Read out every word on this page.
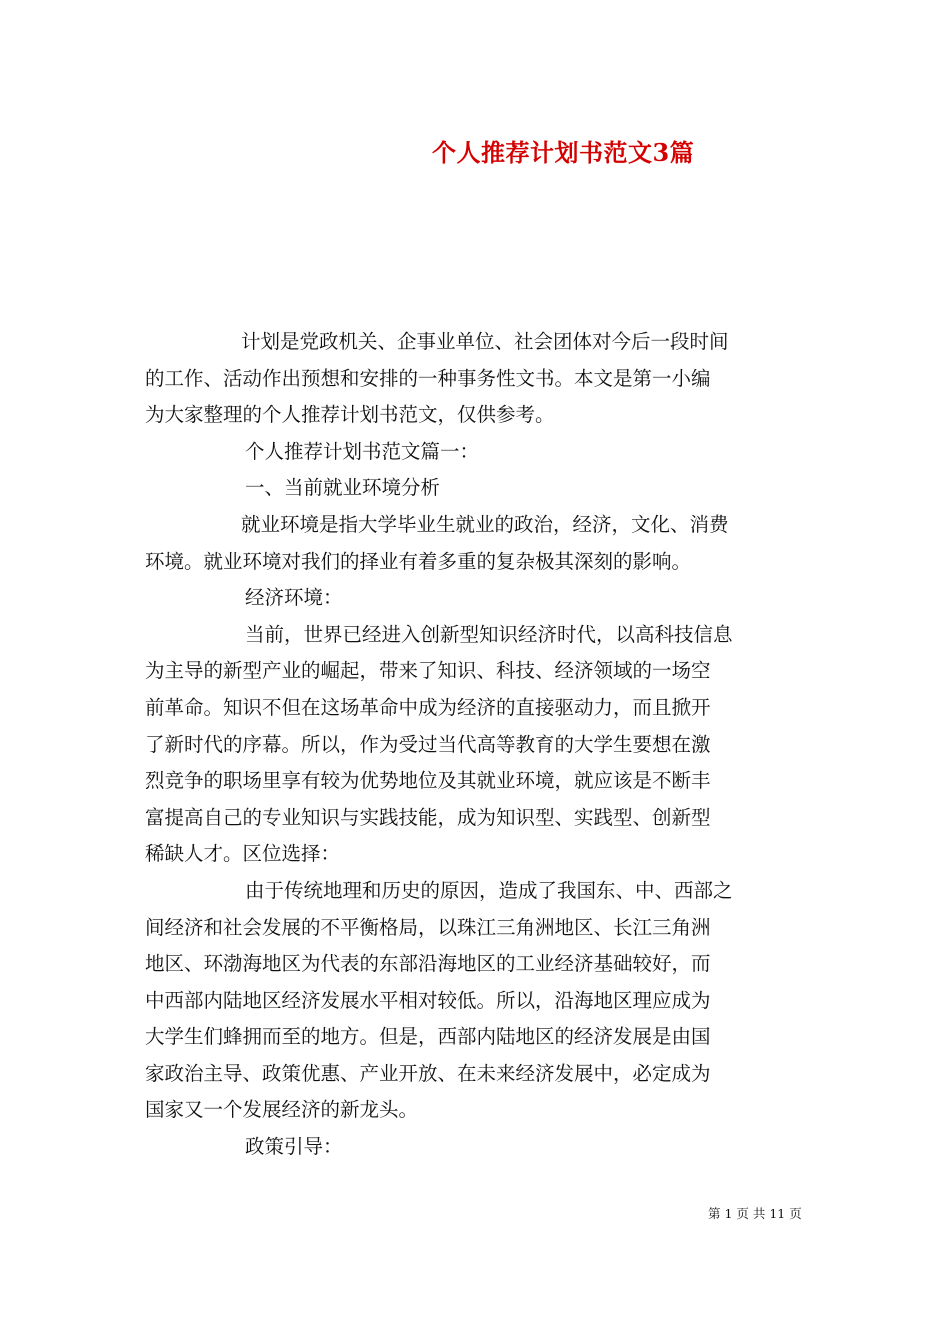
个人推荐计划书范文3篇
计划是党政机关、企事业单位、社会团体对今后一段时间
的工作、活动作出预想和安排的一种事务性文书。本文是第一小编
为大家整理的个人推荐计划书范文，仅供参考。
个人推荐计划书范文篇一：
一、当前就业环境分析
就业环境是指大学毕业生就业的政治，经济，文化、消费
环境。就业环境对我们的择业有着多重的复杂极其深刻的影响。
经济环境：
当前，世界已经进入创新型知识经济时代，以高科技信息
为主导的新型产业的崛起，带来了知识、科技、经济领域的一场空
前革命。知识不但在这场革命中成为经济的直接驱动力，而且掀开
了新时代的序幕。所以，作为受过当代高等教育的大学生要想在激
烈竞争的职场里享有较为优势地位及其就业环境，就应该是不断丰
富提高自己的专业知识与实践技能，成为知识型、实践型、创新型
稀缺人才。区位选择：
由于传统地理和历史的原因，造成了我国东、中、西部之
间经济和社会发展的不平衡格局，以珠江三角洲地区、长江三角洲
地区、环渤海地区为代表的东部沿海地区的工业经济基础较好，而
中西部内陆地区经济发展水平相对较低。所以，沿海地区理应成为
大学生们蜂拥而至的地方。但是，西部内陆地区的经济发展是由国
家政治主导、政策优惠、产业开放、在未来经济发展中，必定成为
国家又一个发展经济的新龙头。
政策引导：
第 1 页 共 11 页
